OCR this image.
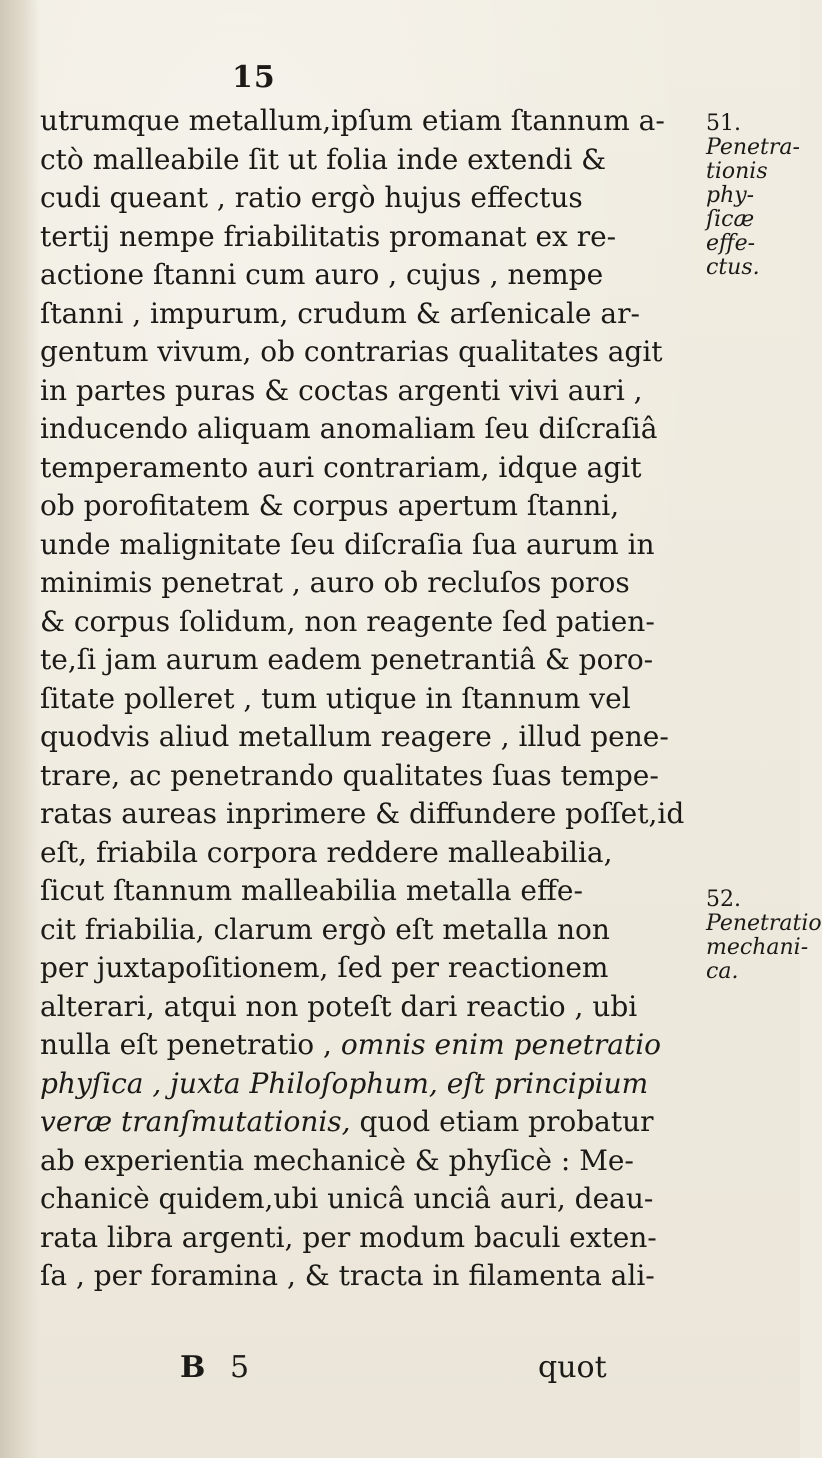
15
utrumque metallum,ipſum etiam ſtannum a-
ctò malleabile ſit ut folia inde extendi &
cudi queant , ratio ergò hujus effectus
tertij nempe friabilitatis promanat ex re-
actione ſtanni cum auro , cujus , nempe
ſtanni , impurum, crudum & arſenicale ar-
gentum vivum, ob contrarias qualitates agit
in partes puras & coctas argenti vivi auri ,
inducendo aliquam anomaliam ſeu diſcraſiâ
temperamento auri contrariam, idque agit
ob porofitatem & corpus apertum ſtanni,
unde malignitate ſeu diſcraſia ſua aurum in
minimis penetrat , auro ob recluſos poros
& corpus ſolidum, non reagente ſed patien-
te,ſi jam aurum eadem penetrantiâ & poro-
ſitate polleret , tum utique in ſtannum vel
quodvis aliud metallum reagere , illud pene-
trare, ac penetrando qualitates ſuas tempe-
ratas aureas inprimere & diffundere poſſet,id
eſt, friabila corpora reddere malleabilia,
ſicut ſtannum malleabilia metalla effe-
cit friabilia, clarum ergò eſt metalla non
per juxtapoſitionem, ſed per reactionem
alterari, atqui non poteſt dari reactio , ubi
nulla eſt penetratio , omnis enim penetratio
phyſica , juxta Philoſophum, eſt principium
veræ tranſmutationis, quod etiam probatur
ab experientia mechanicè & phyſicè : Me-
chanicè quidem,ubi unicâ unciâ auri, deau-
rata libra argenti, per modum baculi exten-
ſa , per foramina , & tracta in filamenta ali-
51.
Penetra- tionis phy- ſicæ effe- ctus.
52.
Penetratio mechani- ca.
B 5	quot
